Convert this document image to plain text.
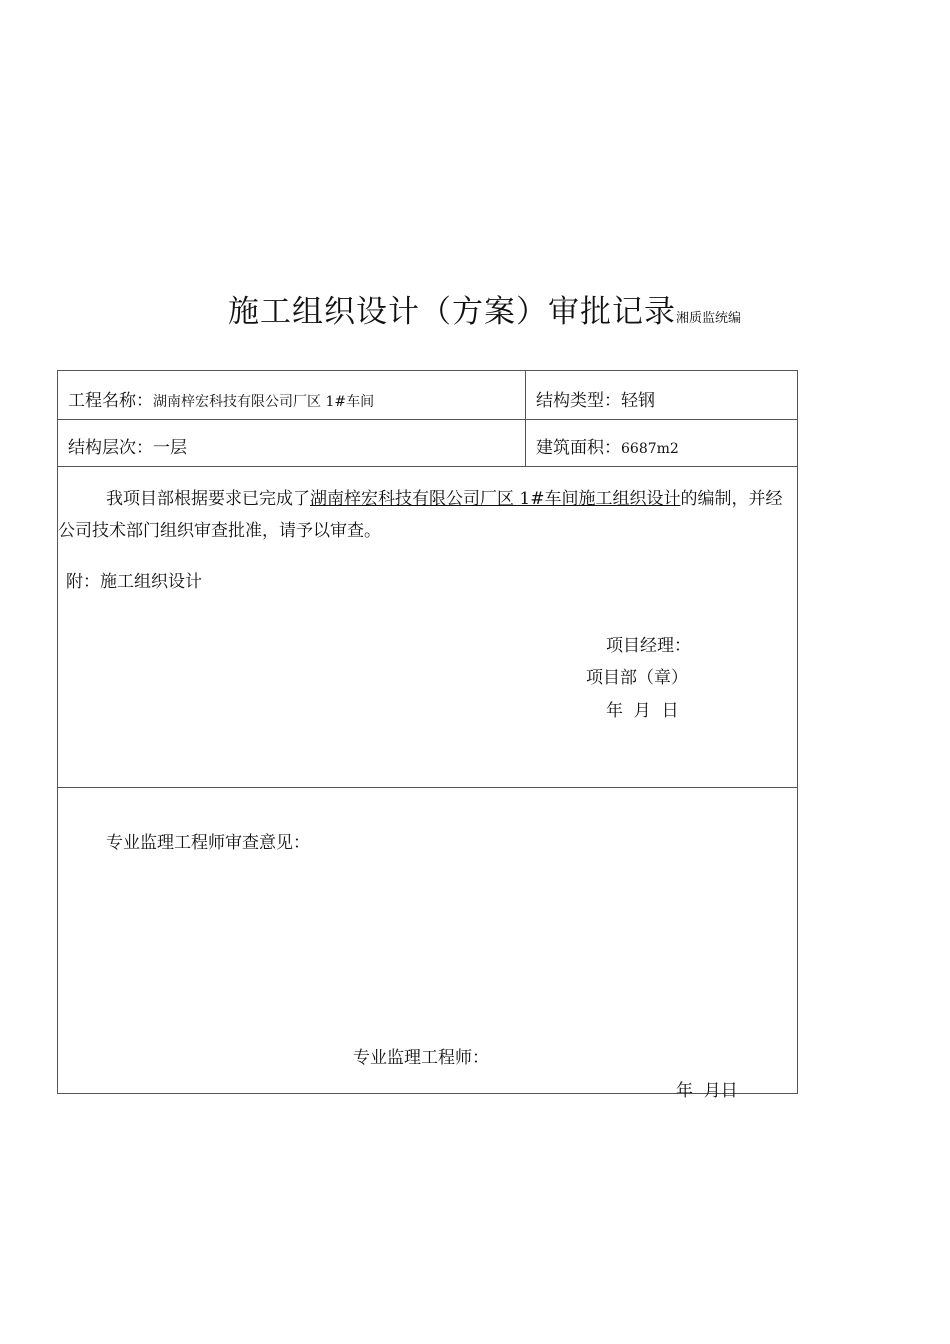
施工组织设计（方案）审批记录湘质监统编
工程名称：湖南梓宏科技有限公司厂区 1#车间	结构类型：轻钢
结构层次：一层	建筑面积：6687m2
我项目部根据要求已完成了湖南梓宏科技有限公司厂区 1#车间施工组织设计的编制，并经公司技术部门组织审查批准，请予以审查。
附：施工组织设计
项目经理：
项目部（章）
年  月  日
专业监理工程师审查意见：
专业监理工程师：
年  月日
